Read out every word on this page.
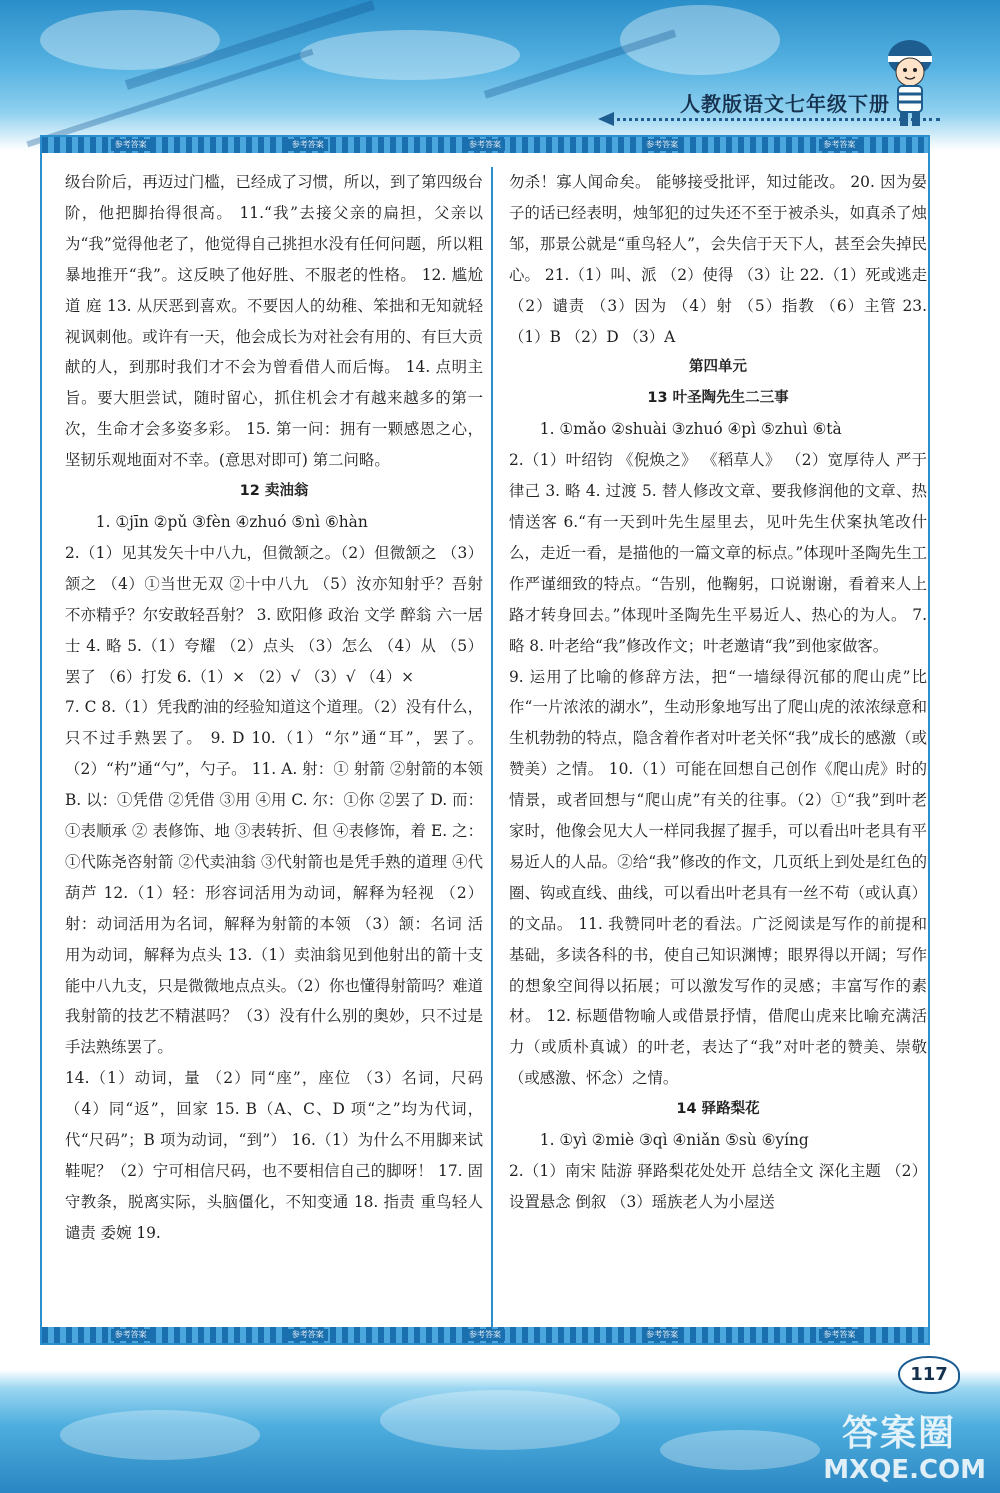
人教版语文七年级下册
参考答案	参考答案	参考答案	参考答案	参考答案

级台阶后，再迈过门槛，已经成了习惯，所以，到了第四级台阶，他把脚抬得很高。 11.“我”去接父亲的扁担，父亲以为“我”觉得他老了，他觉得自己挑担水没有任何问题，所以粗暴地推开“我”。这反映了他好胜、不服老的性格。 12. 尴尬 道 庭 13. 从厌恶到喜欢。不要因人的幼稚、笨拙和无知就轻视讽刺他。或许有一天，他会成长为对社会有用的、有巨大贡献的人，到那时我们才不会为曾看借人而后悔。 14. 点明主旨。要大胆尝试，随时留心，抓住机会才有越来越多的第一次，生命才会多姿多彩。 15. 第一问：拥有一颗感恩之心，坚韧乐观地面对不幸。(意思对即可) 第二问略。

12 卖油翁

1. ①jīn ②pǔ ③fèn ④zhuó ⑤nì ⑥hàn

2.（1）见其发矢十中八九，但微颔之。（2）但微颔之 （3）颔之 （4）①当世无双 ②十中八九 （5）汝亦知射乎？吾射不亦精乎？尔安敢轻吾射？ 3. 欧阳修 政治 文学 醉翁 六一居士 4. 略 5.（1）夸耀 （2）点头 （3）怎么 （4）从 （5）罢了 （6）打发 6.（1）× （2）√ （3）√ （4）×

7. C 8.（1）凭我酌油的经验知道这个道理。（2）没有什么，只不过手熟罢了。 9. D 10.（1）“尔”通“耳”，罢了。（2）“杓”通“勺”，勺子。 11. A. 射：① 射箭 ②射箭的本领 B. 以：①凭借 ②凭借 ③用 ④用 C. 尔：①你 ②罢了 D. 而：①表顺承 ② 表修饰、地 ③表转折、但 ④表修饰，着 E. 之：①代陈尧咨射箭 ②代卖油翁 ③代射箭也是凭手熟的道理 ④代葫芦 12.（1）轻：形容词活用为动词，解释为轻视 （2）射：动词活用为名词，解释为射箭的本领 （3）颔：名词 活用为动词，解释为点头 13.（1）卖油翁见到他射出的箭十支能中八九支，只是微微地点点头。（2）你也懂得射箭吗？难道我射箭的技艺不精湛吗？（3）没有什么别的奥妙，只不过是手法熟练罢了。

14.（1）动词，量 （2）同“座”，座位 （3）名词，尺码 （4）同“返”，回家 15. B（A、C、D 项“之”均为代词，代“尺码”；B 项为动词，“到”） 16.（1）为什么不用脚来试鞋呢？（2）宁可相信尺码，也不要相信自己的脚呀！ 17. 固守教条，脱离实际，头脑僵化，不知变通 18. 指责 重鸟轻人 谴责 委婉 19.

勿杀！寡人闻命矣。 能够接受批评，知过能改。 20. 因为晏子的话已经表明，烛邹犯的过失还不至于被杀头，如真杀了烛邹，那景公就是“重鸟轻人”，会失信于天下人，甚至会失掉民心。 21.（1）叫、派 （2）使得 （3）让 22.（1）死或逃走 （2）谴责 （3）因为 （4）射 （5）指教 （6）主管 23.（1）B （2）D （3）A

第四单元

13 叶圣陶先生二三事

1. ①mǎo ②shuài ③zhuó ④pì ⑤zhuì ⑥tà

2.（1）叶绍钧 《倪焕之》 《稻草人》 （2）宽厚待人 严于律己 3. 略 4. 过渡 5. 替人修改文章、要我修润他的文章、热情送客 6.“有一天到叶先生屋里去，见叶先生伏案执笔改什么，走近一看，是描他的一篇文章的标点。”体现叶圣陶先生工作严谨细致的特点。“告别，他鞠躬，口说谢谢，看着来人上路才转身回去。”体现叶圣陶先生平易近人、热心的为人。 7. 略 8. 叶老给“我”修改作文；叶老邀请“我”到他家做客。

9. 运用了比喻的修辞方法，把“一墙绿得沉郁的爬山虎”比作“一片浓浓的湖水”，生动形象地写出了爬山虎的浓浓绿意和生机勃勃的特点，隐含着作者对叶老关怀“我”成长的感激（或赞美）之情。 10.（1）可能在回想自己创作《爬山虎》时的情景，或者回想与“爬山虎”有关的往事。（2）①“我”到叶老家时，他像会见大人一样同我握了握手，可以看出叶老具有平易近人的人品。②给“我”修改的作文，几页纸上到处是红色的圈、钩或直线、曲线，可以看出叶老具有一丝不苟（或认真）的文品。 11. 我赞同叶老的看法。广泛阅读是写作的前提和基础，多读各科的书，使自己知识渊博；眼界得以开阔；写作的想象空间得以拓展；可以激发写作的灵感；丰富写作的素材。 12. 标题借物喻人或借景抒情，借爬山虎来比喻充满活力（或质朴真诚）的叶老，表达了“我”对叶老的赞美、崇敬（或感激、怀念）之情。

14 驿路梨花

1. ①yì ②miè ③qì ④niǎn ⑤sù ⑥yíng

2.（1）南宋 陆游 驿路梨花处处开 总结全文 深化主题 （2）设置悬念 倒叙 （3）瑶族老人为小屋送

参考答案	参考答案	参考答案	参考答案	参考答案
答案圈
MXQE.COM
117
